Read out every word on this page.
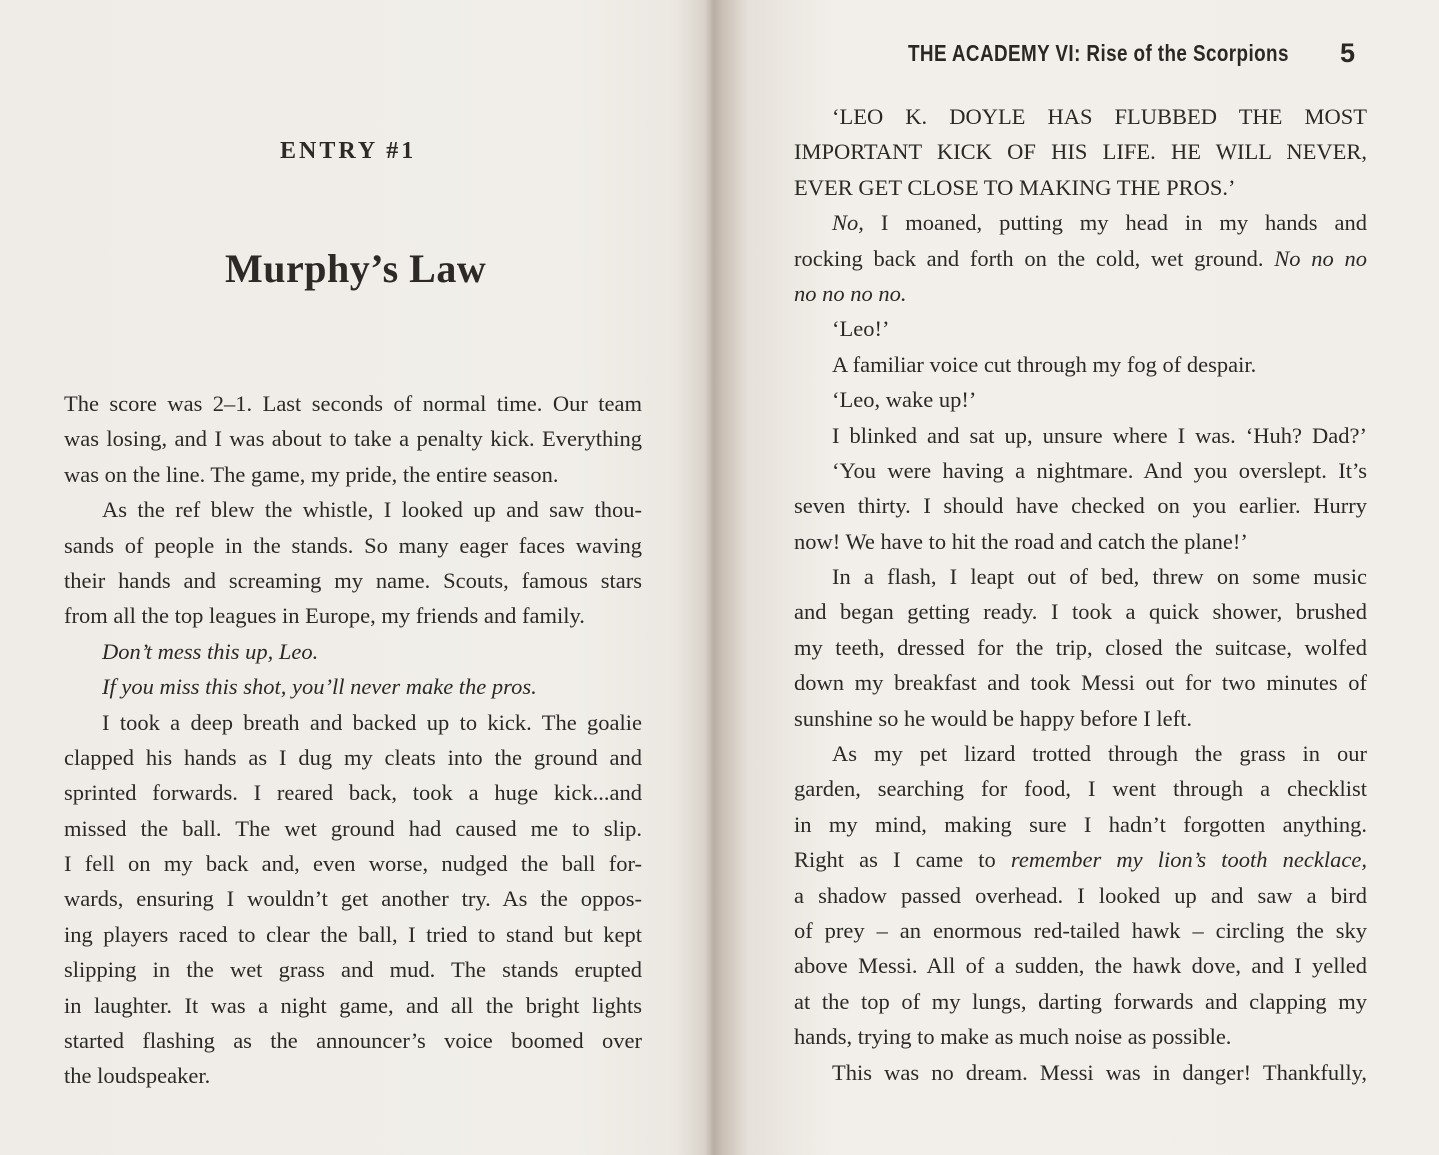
ENTRY #1
Murphy’s Law
The score was 2–1. Last seconds of normal time. Our team
was losing, and I was about to take a penalty kick. Everything
was on the line. The game, my pride, the entire season.
As the ref blew the whistle, I looked up and saw thou-
sands of people in the stands. So many eager faces waving
their hands and screaming my name. Scouts, famous stars
from all the top leagues in Europe, my friends and family.
Don’t mess this up, Leo.
If you miss this shot, you’ll never make the pros.
I took a deep breath and backed up to kick. The goalie
clapped his hands as I dug my cleats into the ground and
sprinted forwards. I reared back, took a huge kick...and
missed the ball. The wet ground had caused me to slip.
I fell on my back and, even worse, nudged the ball for-
wards, ensuring I wouldn’t get another try. As the oppos-
ing players raced to clear the ball, I tried to stand but kept
slipping in the wet grass and mud. The stands erupted
in laughter. It was a night game, and all the bright lights
started flashing as the announcer’s voice boomed over
the loudspeaker.
THE ACADEMY VI: Rise of the Scorpions 5
‘LEO K. DOYLE HAS FLUBBED THE MOST
IMPORTANT KICK OF HIS LIFE. HE WILL NEVER,
EVER GET CLOSE TO MAKING THE PROS.’
No, I moaned, putting my head in my hands and
rocking back and forth on the cold, wet ground. No no no
no no no no.
‘Leo!’
A familiar voice cut through my fog of despair.
‘Leo, wake up!’
I blinked and sat up, unsure where I was. ‘Huh? Dad?’
‘You were having a nightmare. And you overslept. It’s
seven thirty. I should have checked on you earlier. Hurry
now! We have to hit the road and catch the plane!’
In a flash, I leapt out of bed, threw on some music
and began getting ready. I took a quick shower, brushed
my teeth, dressed for the trip, closed the suitcase, wolfed
down my breakfast and took Messi out for two minutes of
sunshine so he would be happy before I left.
As my pet lizard trotted through the grass in our
garden, searching for food, I went through a checklist
in my mind, making sure I hadn’t forgotten anything.
Right as I came to remember my lion’s tooth necklace,
a shadow passed overhead. I looked up and saw a bird
of prey – an enormous red-tailed hawk – circling the sky
above Messi. All of a sudden, the hawk dove, and I yelled
at the top of my lungs, darting forwards and clapping my
hands, trying to make as much noise as possible.
This was no dream. Messi was in danger! Thankfully,
